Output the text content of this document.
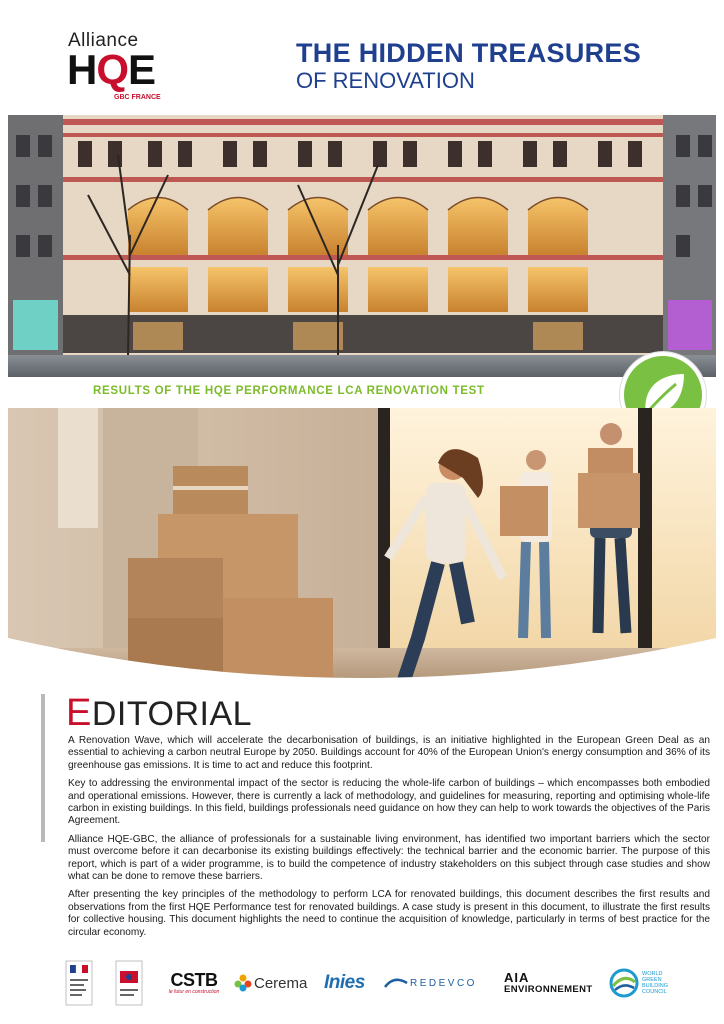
Alliance
HQE
GBC FRANCE
THE HIDDEN TREASURES
OF RENOVATION
RESULTS OF THE HQE PERFORMANCE LCA RENOVATION TEST
EDITORIAL

A Renovation Wave, which will accelerate the decarbonisation of buildings, is an initiative highlighted in the European Green Deal as an essential to achieving a carbon neutral Europe by 2050. Buildings account for 40% of the European Union's energy consumption and 36% of its greenhouse gas emissions. It is time to act and reduce this footprint.

Key to addressing the environmental impact of the sector is reducing the whole-life carbon of buildings – which encompasses both embodied and operational emissions. However, there is currently a lack of methodology, and guidelines for measuring, reporting and optimising whole-life carbon in existing buildings. In this field, buildings professionals need guidance on how they can help to work towards the objectives of the Paris Agreement.

Alliance HQE-GBC, the alliance of professionals for a sustainable living environment, has identified two important barriers which the sector must overcome before it can decarbonise its existing buildings effectively: the technical barrier and the economic barrier. The purpose of this report, which is part of a wider programme, is to build the competence of industry stakeholders on this subject through case studies and show what can be done to remove these barriers.

After presenting the key principles of the methodology to perform LCA for renovated buildings, this document describes the first results and observations from the first HQE Performance test for renovated buildings. A case study is present in this document, to illustrate the first results for collective housing. This document highlights the need to continue the acquisition of knowledge, particularly in terms of best practice for the circular economy.

CSTB
le futur en construction
Cerema Inies	REDEVCO AIA
ENVIRONNEMENT
WORLD
GREEN
BUILDING
COUNCIL
